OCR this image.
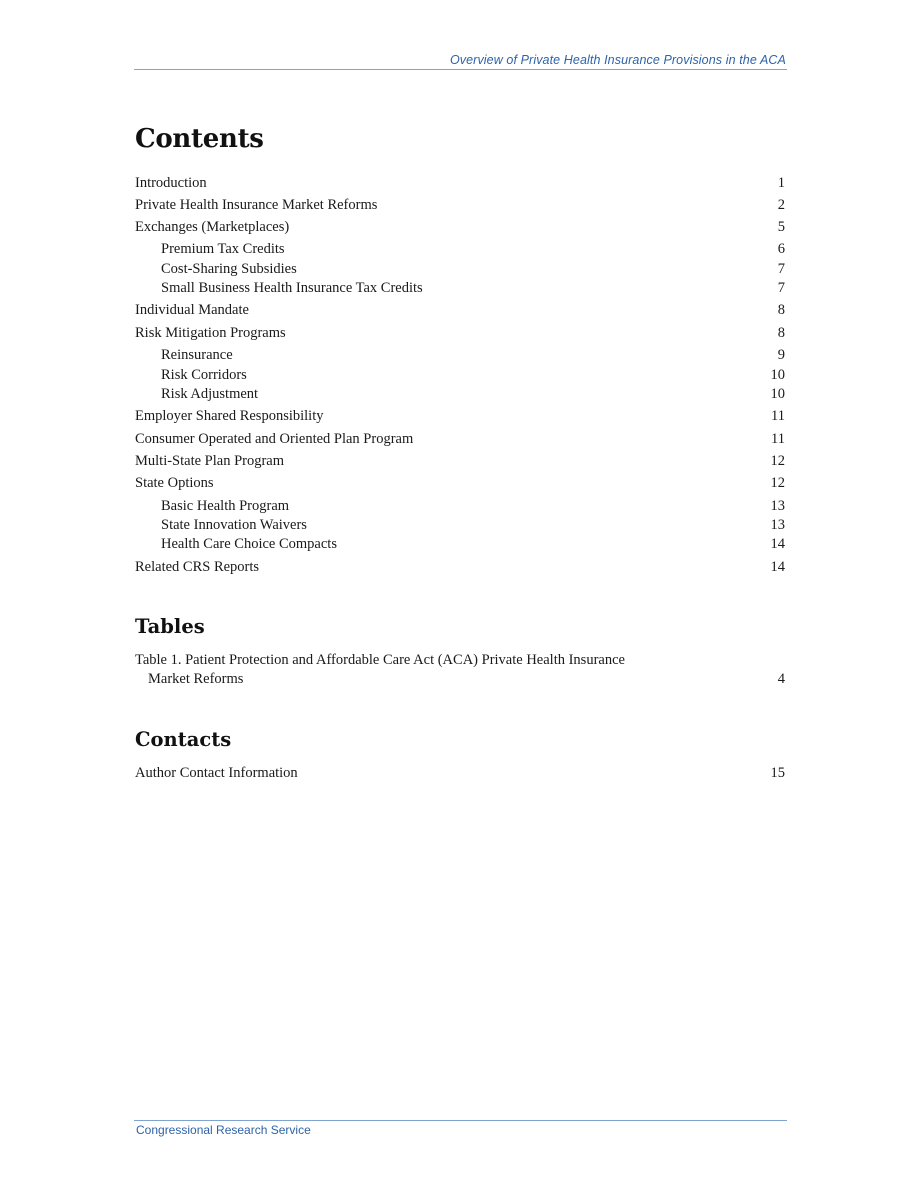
Overview of Private Health Insurance Provisions in the ACA
Contents
Introduction	1
Private Health Insurance Market Reforms	2
Exchanges (Marketplaces)	5
Premium Tax Credits	6
Cost-Sharing Subsidies	7
Small Business Health Insurance Tax Credits	7
Individual Mandate	8
Risk Mitigation Programs	8
Reinsurance	9
Risk Corridors	10
Risk Adjustment	10
Employer Shared Responsibility	11
Consumer Operated and Oriented Plan Program	11
Multi-State Plan Program	12
State Options	12
Basic Health Program	13
State Innovation Waivers	13
Health Care Choice Compacts	14
Related CRS Reports	14
Tables
Table 1. Patient Protection and Affordable Care Act (ACA) Private Health Insurance
Market Reforms	4
Contacts
Author Contact Information	15
Congressional Research Service
